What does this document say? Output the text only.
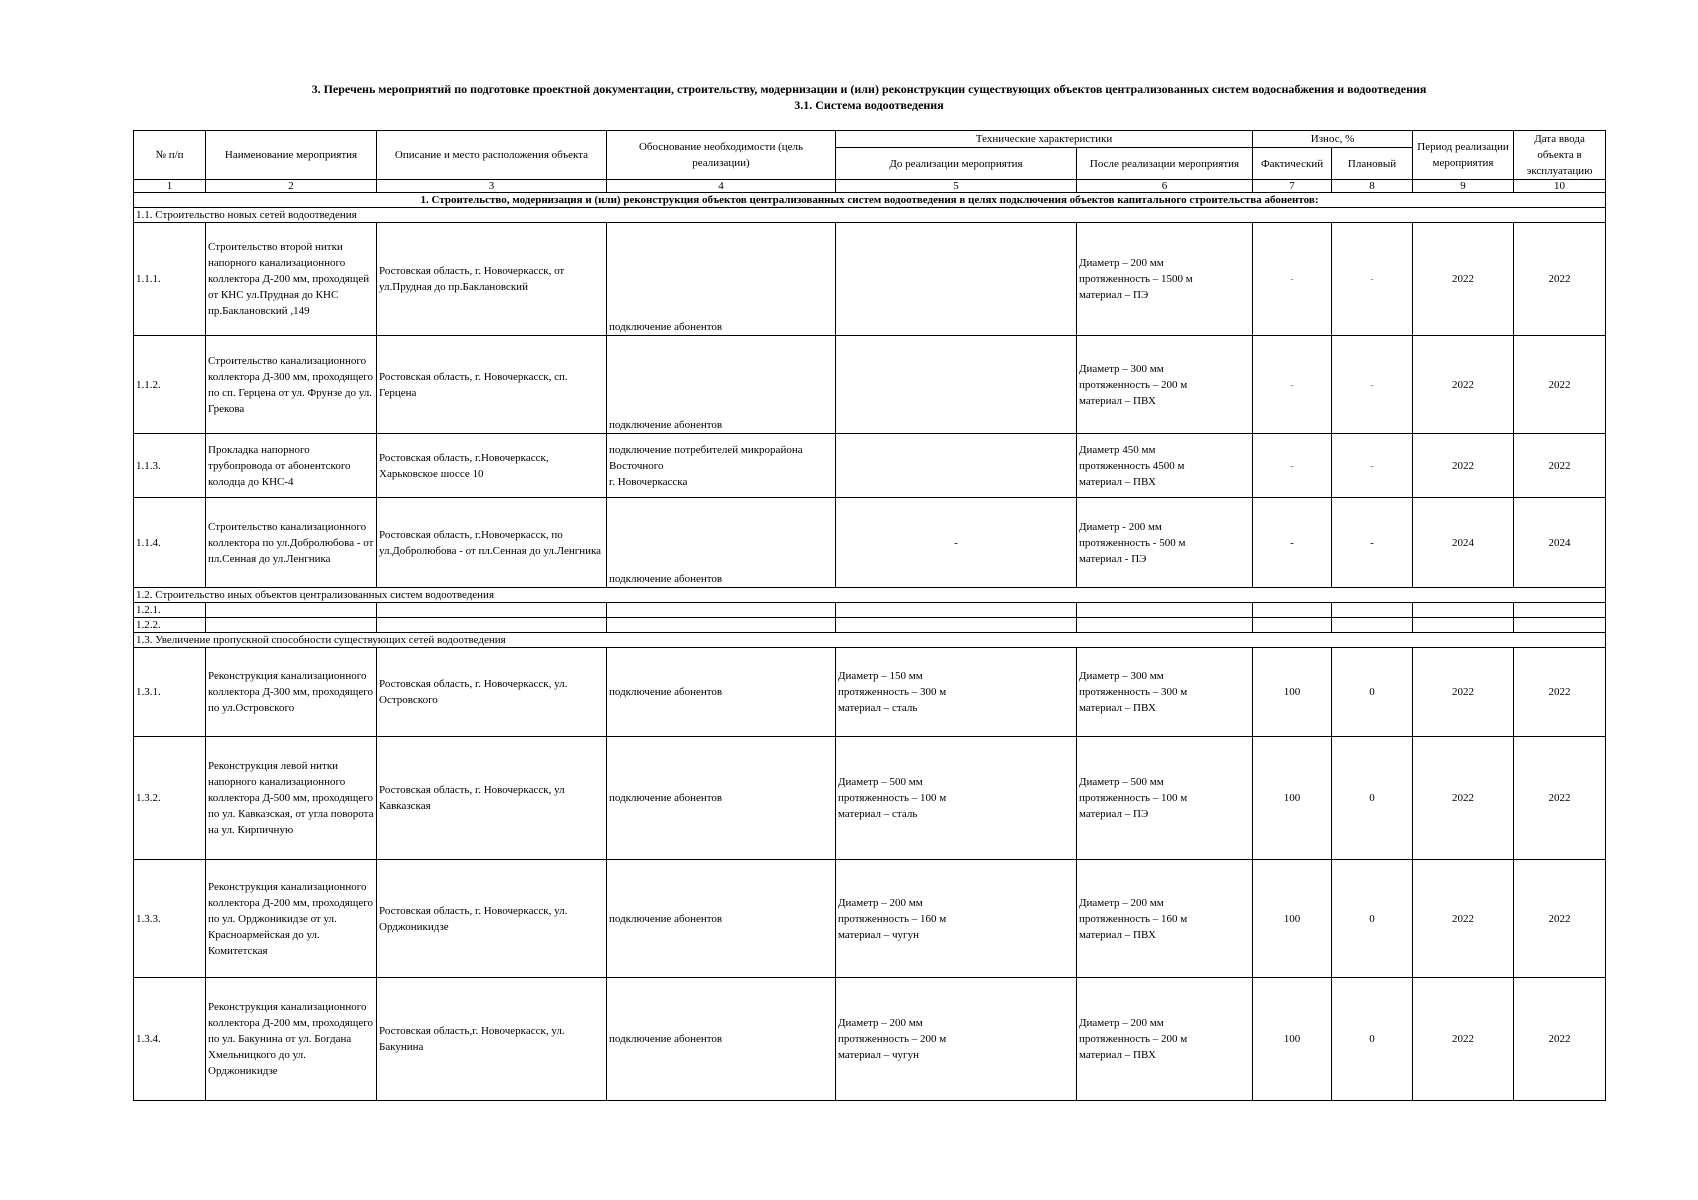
3. Перечень мероприятий по подготовке проектной документации, строительству, модернизации и (или) реконструкции существующих объектов централизованных систем водоснабжения и водоотведения
3.1. Система водоотведения
№ п/п	Наименование мероприятия	Описание и место расположения объекта	Обоснование необходимости (цель реализации)	Технические характеристики		Износ, %		Период реализации мероприятия	Дата ввода объекта в эксплуатацию
				До реализации мероприятия	После реализации мероприятия	Фактический	Плановый		
1	2	3	4	5	6	7	8	9	10
1. Строительство, модернизация и (или) реконструкция объектов централизованных систем водоотведения в целях подключения объектов капитального строительства абонентов:									
1.1. Строительство новых сетей водоотведения									
1.1.1.	Строительство второй нитки напорного канализационного коллектора Д-200 мм, проходящей от КНС ул.Прудная до КНС пр.Баклановский ,149	Ростовская область, г. Новочеркасск, от ул.Прудная до пр.Баклановский	подключение абонентов		Диаметр – 200 мм
протяженность – 1500 м
материал – ПЭ	-	-	2022	2022
1.1.2.	Строительство канализационного коллектора Д-300 мм, проходящего по сп. Герцена от ул. Фрунзе до ул. Грекова	Ростовская область, г. Новочеркасск, сп. Герцена	подключение абонентов		Диаметр – 300 мм
протяженность – 200 м
материал – ПВХ	-	-	2022	2022
1.1.3.	Прокладка напорного трубопровода от абонентского колодца до КНС-4	Ростовская область, г.Новочеркасск, Харьковское шоссе 10	подключение потребителей микрорайона Восточного
г. Новочеркасска		Диаметр 450 мм
протяженность 4500 м
материал – ПВХ	-	-	2022	2022
1.1.4.	Строительство канализационного коллектора по ул.Добролюбова - от пл.Сенная до ул.Ленгника	Ростовская область, г.Новочеркасск, по ул.Добролюбова - от пл.Сенная до ул.Ленгника	подключение абонентов	-	Диаметр - 200 мм
протяженность - 500 м
материал - ПЭ	-	-	2024	2024
1.2. Строительство иных объектов централизованных систем водоотведения									
1.2.1.									
1.2.2.									
1.3. Увеличение пропускной способности существующих сетей водоотведения									
1.3.1.	Реконструкция канализационного коллектора Д-300 мм, проходящего по ул.Островского	Ростовская область, г. Новочеркасск, ул. Островского	подключение абонентов	Диаметр – 150 мм
протяженность – 300 м
материал – сталь	Диаметр – 300 мм
протяженность – 300 м
материал – ПВХ	100	0	2022	2022
1.3.2.	Реконструкция левой нитки напорного канализационного коллектора Д-500 мм, проходящего по ул. Кавказская, от угла поворота на ул. Кирпичную	Ростовская область, г. Новочеркасск, ул Кавказская	подключение абонентов	Диаметр – 500 мм
протяженность – 100 м
материал – сталь	Диаметр – 500 мм
протяженность – 100 м
материал – ПЭ	100	0	2022	2022
1.3.3.	Реконструкция канализационного коллектора Д-200 мм, проходящего по ул. Орджоникидзе от ул. Красноармейская до ул. Комитетская	Ростовская область, г. Новочеркасск, ул. Орджоникидзе	подключение абонентов	Диаметр – 200 мм
протяженность – 160 м
материал – чугун	Диаметр – 200 мм
протяженность – 160 м
материал – ПВХ	100	0	2022	2022
1.3.4.	Реконструкция канализационного коллектора Д-200 мм, проходящего по ул. Бакунина от ул. Богдана Хмельницкого до ул. Орджоникидзе	Ростовская область,г. Новочеркасск, ул. Бакунина	подключение абонентов	Диаметр – 200 мм
протяженность – 200 м
материал – чугун	Диаметр – 200 мм
протяженность – 200 м
материал – ПВХ	100	0	2022	2022
